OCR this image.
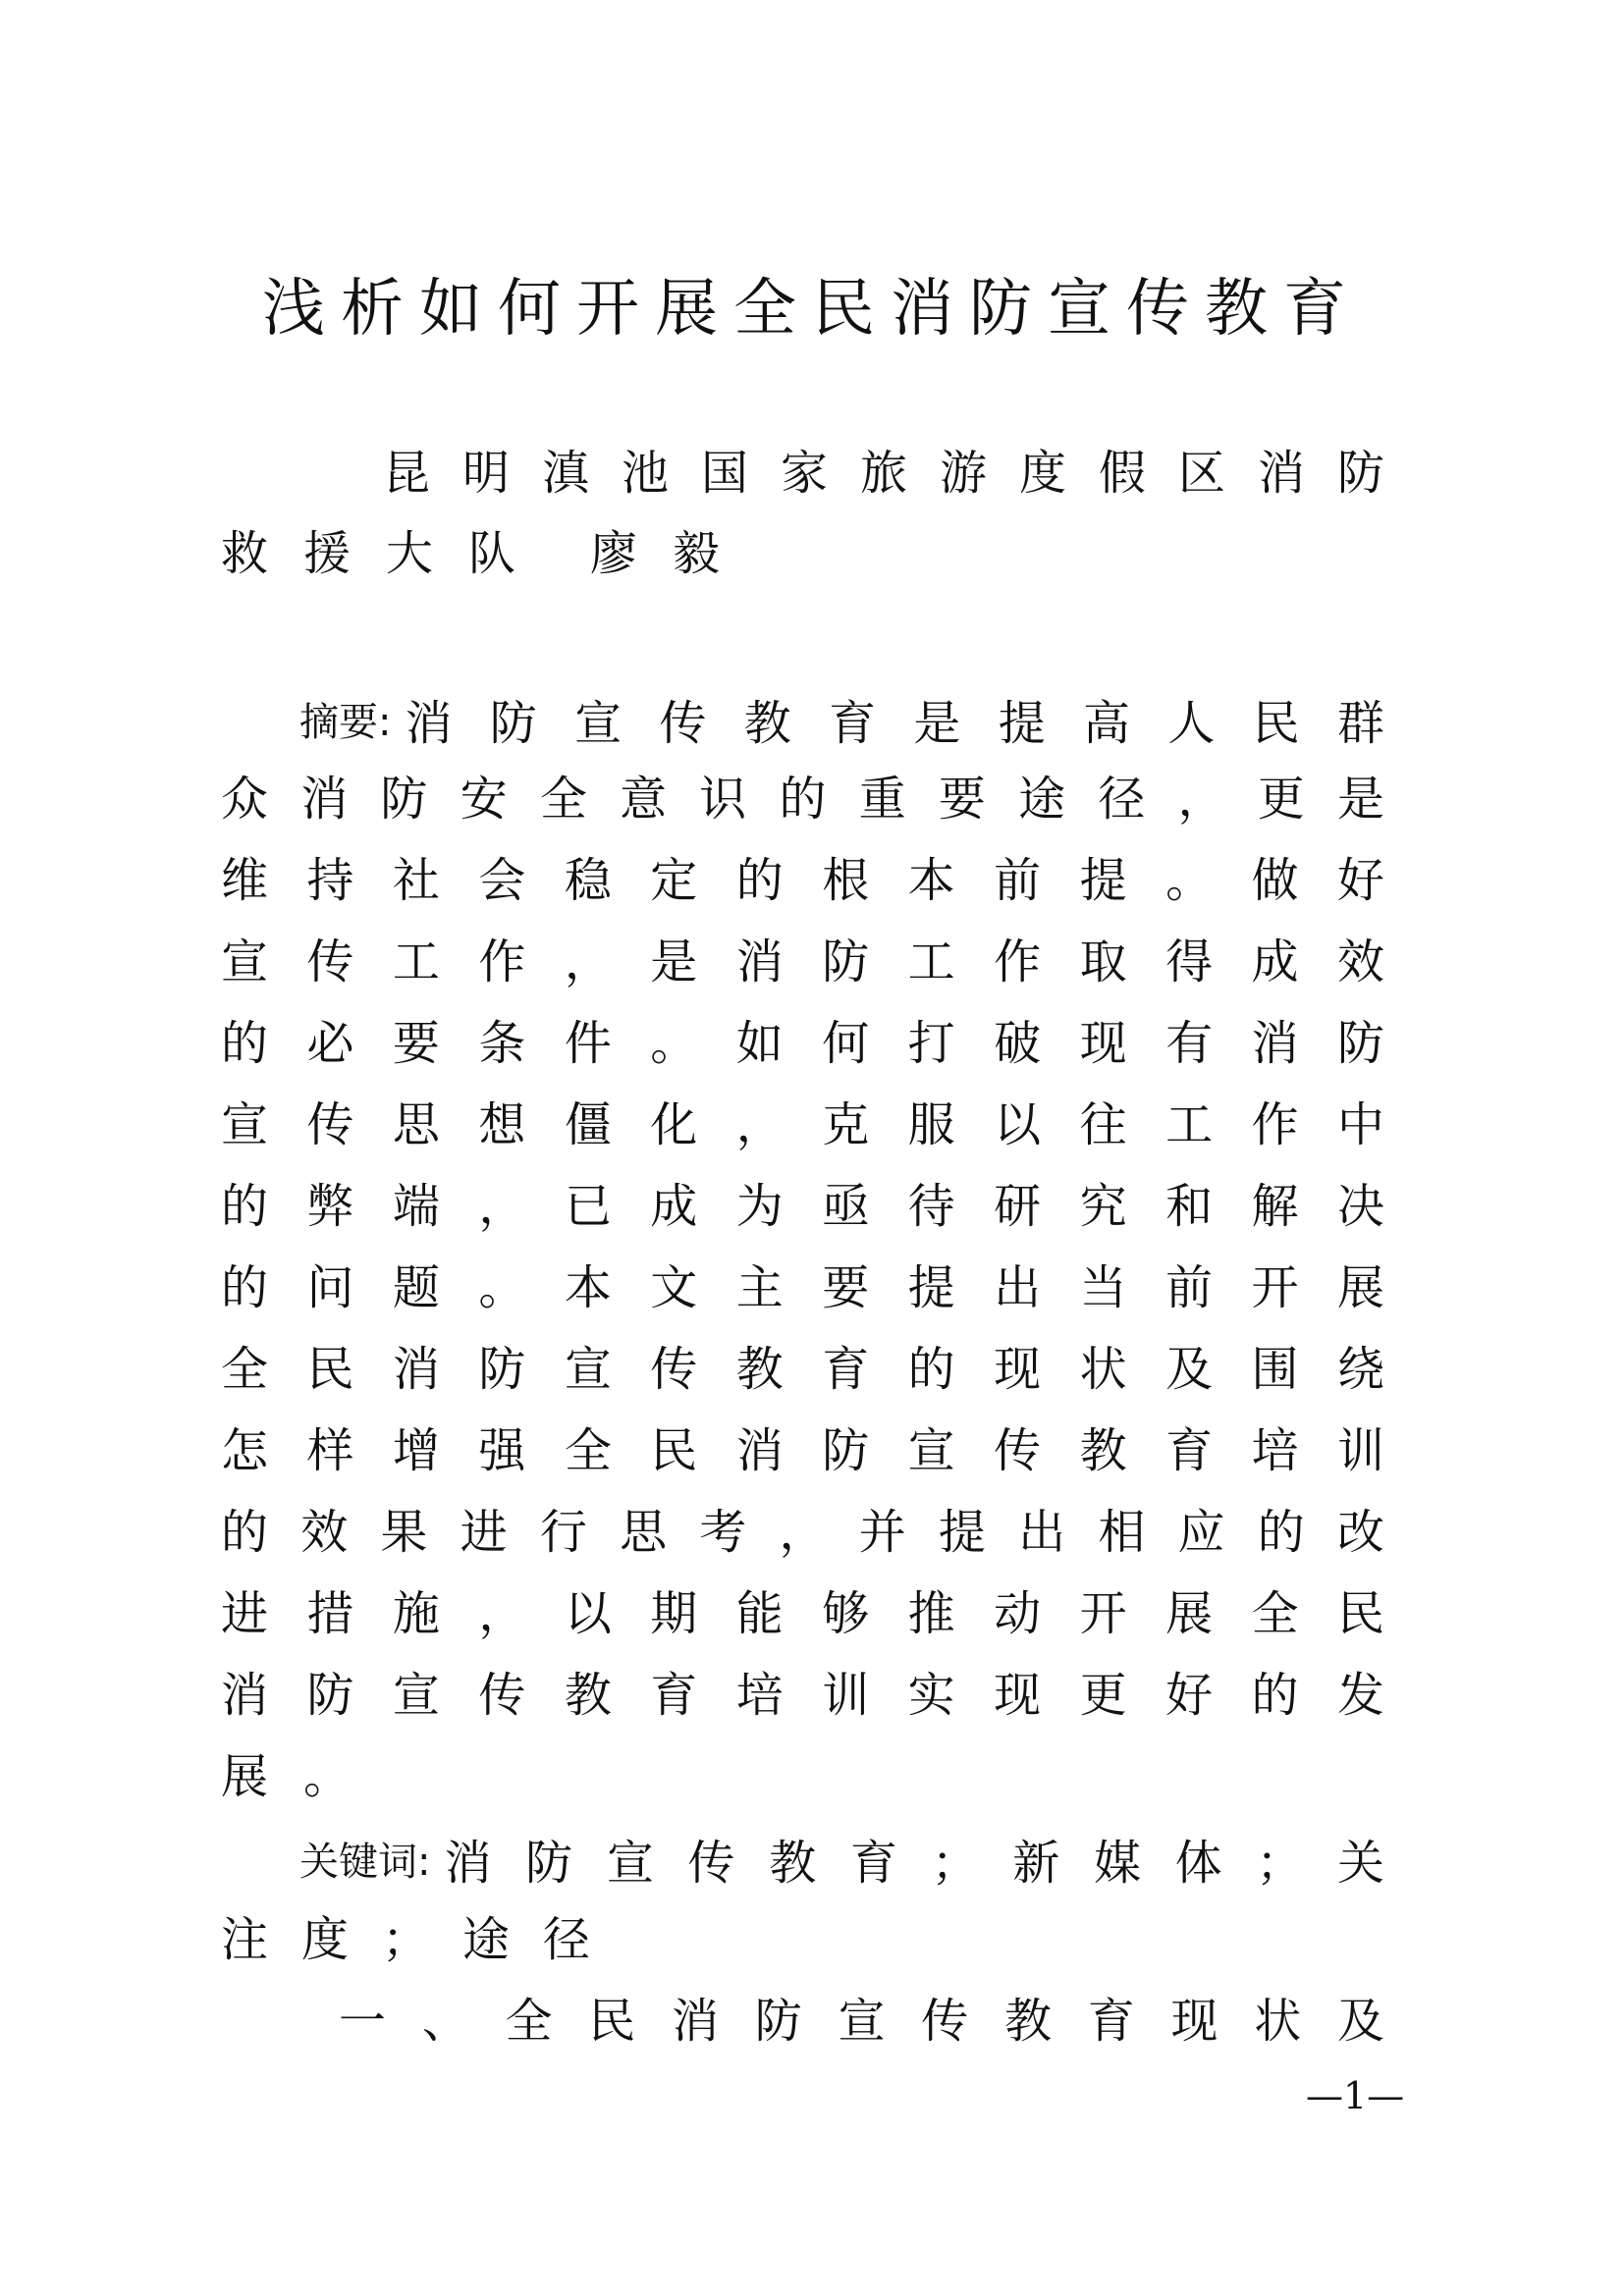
浅析如何开展全民消防宣传教育
昆明滇池国家旅游度假区消防
救援大队 廖毅
摘要: 消防宣传教育是提高人民群
众消防安全意识的重要途径，更是
维持社会稳定的根本前提。做好
宣传工作，是消防工作取得成效
的必要条件。如何打破现有消防
宣传思想僵化，克服以往工作中
的弊端，已成为亟待研究和解决
的问题。本文主要提出当前开展
全民消防宣传教育的现状及围绕
怎样增强全民消防宣传教育培训
的效果进行思考，并提出相应的改
进措施，以期能够推动开展全民
消防宣传教育培训实现更好的发
展。
关键词: 消防宣传教育；新媒体；关
注度；途径
一、全民消防宣传教育现状及
—1—
